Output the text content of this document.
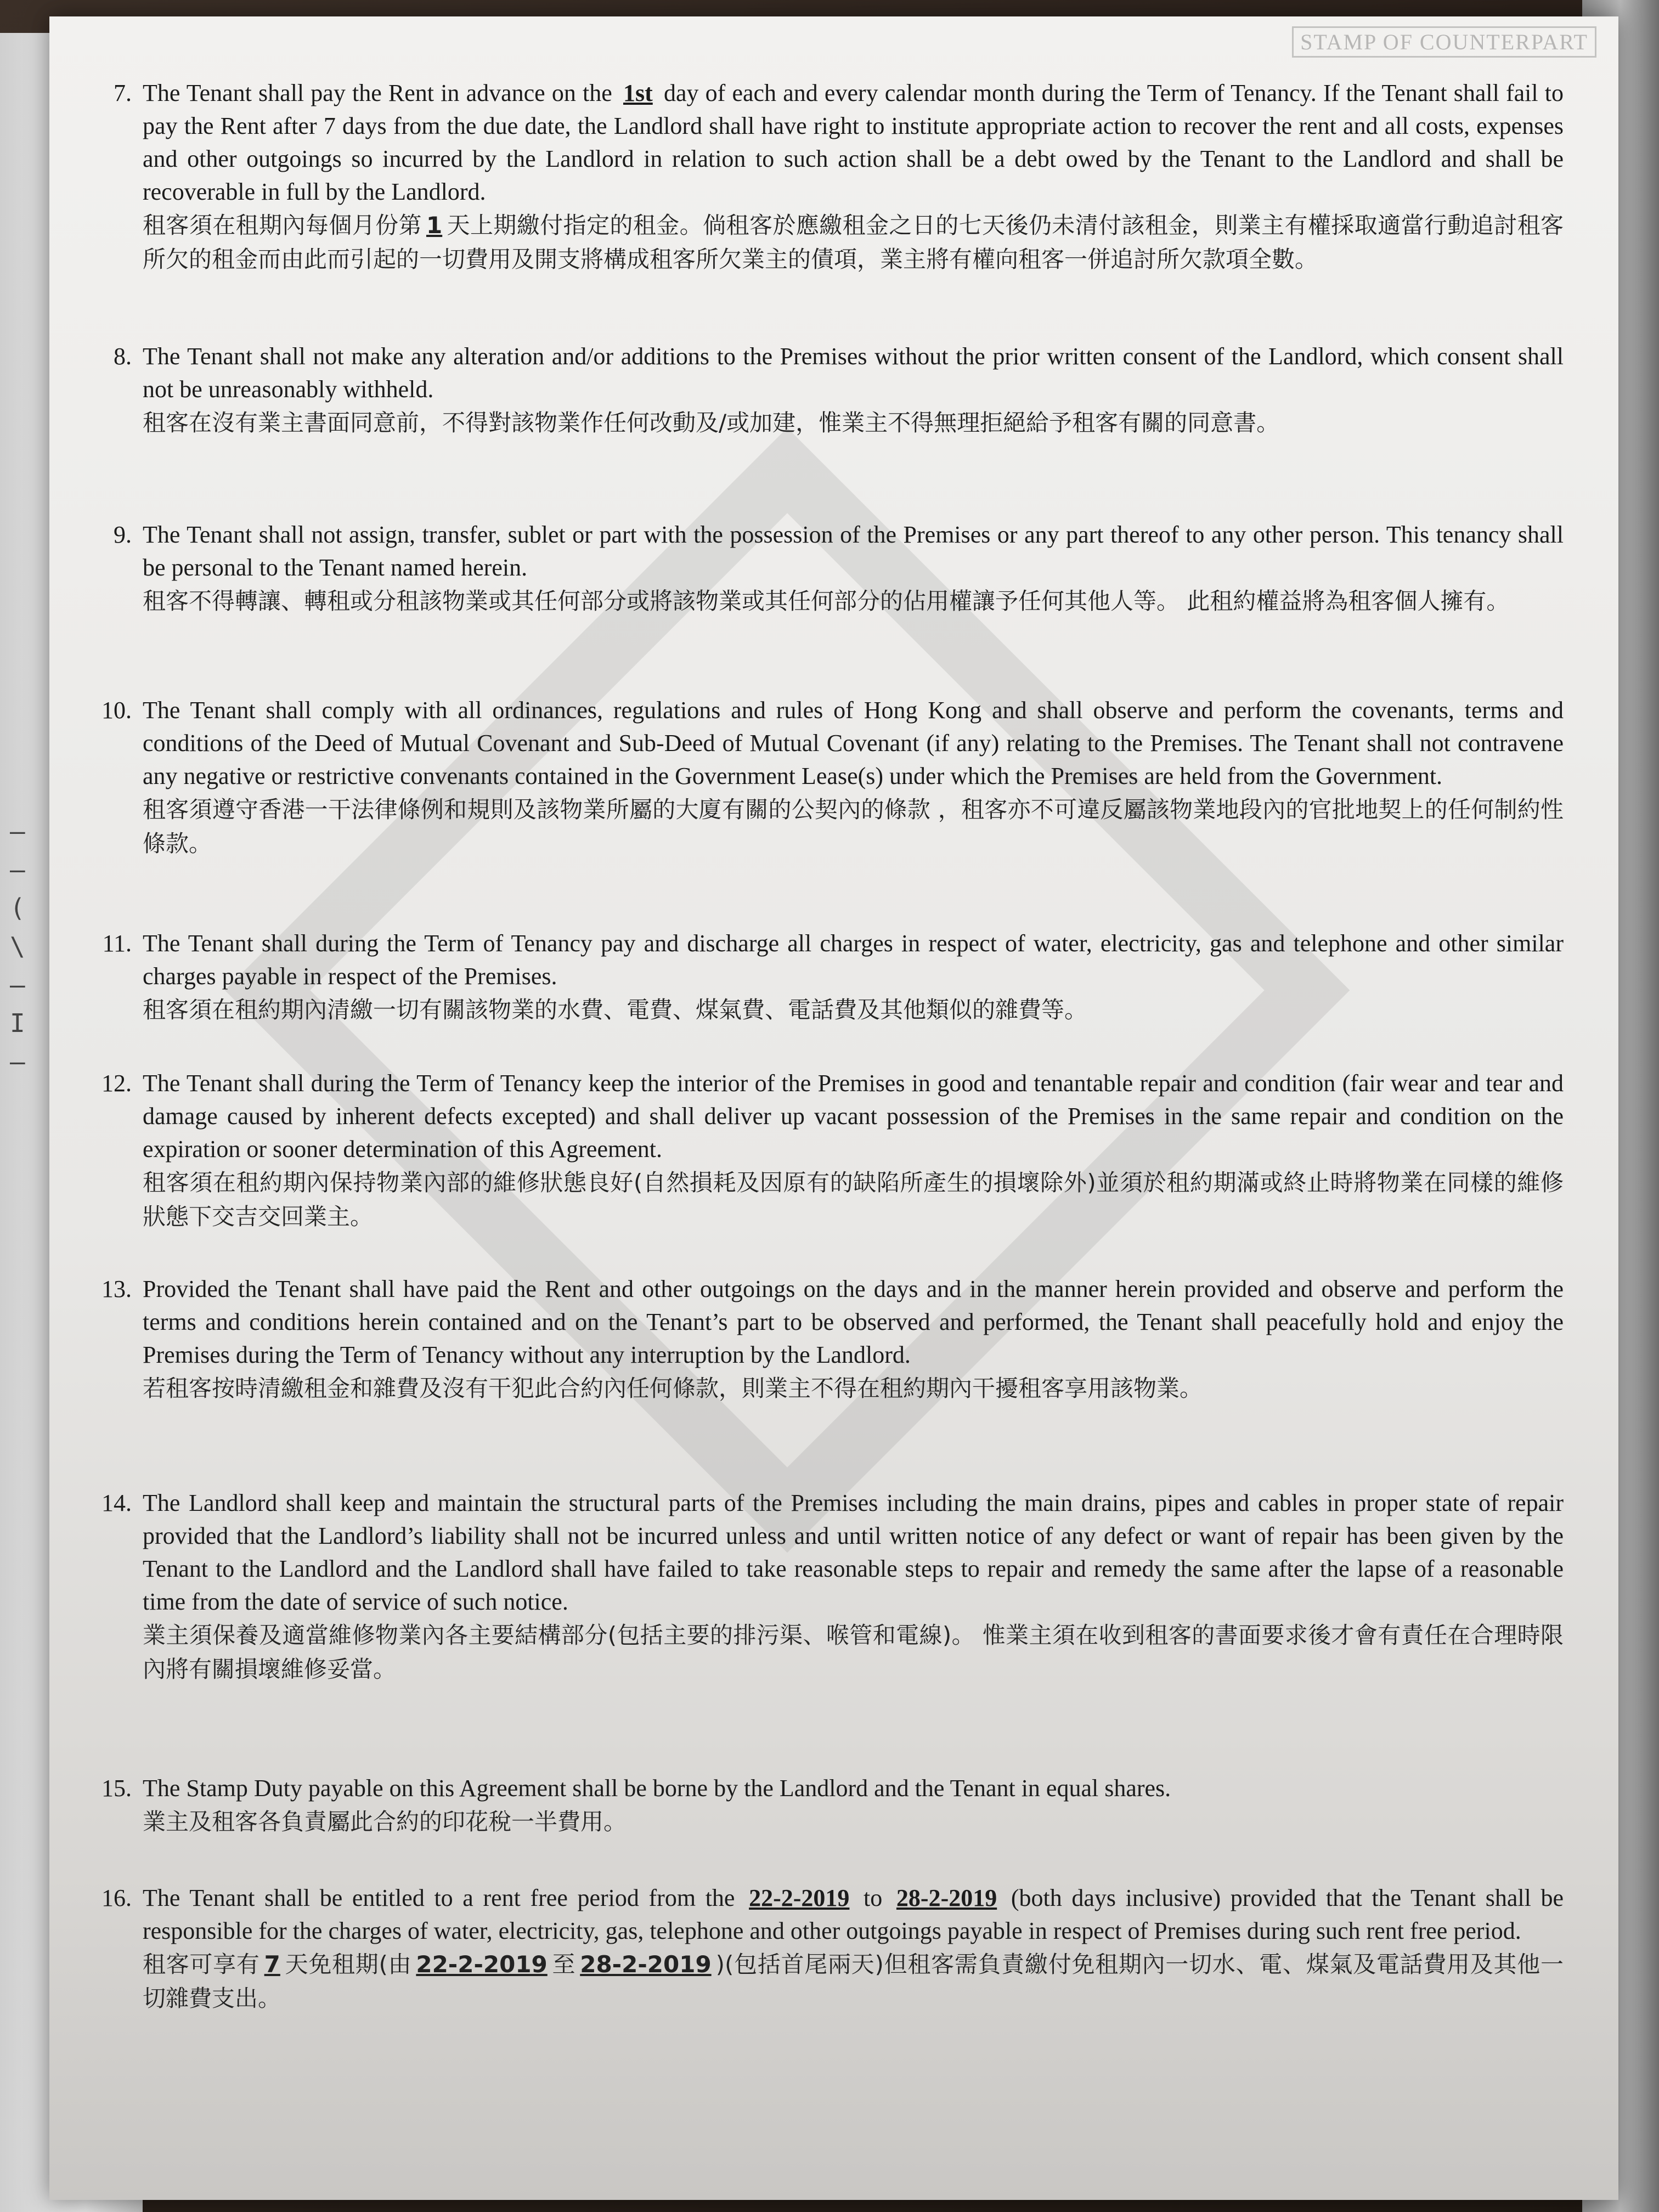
STAMP OF COUNTERPART
7. The Tenant shall pay the Rent in advance on the 1st day of each and every calendar month during the Term of Tenancy. If the Tenant shall fail to pay the Rent after 7 days from the due date, the Landlord shall have right to institute appropriate action to recover the rent and all costs, expenses and other outgoings so incurred by the Landlord in relation to such action shall be a debt owed by the Tenant to the Landlord and shall be recoverable in full by the Landlord.

租客須在租期內每個月份第 1 天上期繳付指定的租金。倘租客於應繳租金之日的七天後仍未清付該租金，則業主有權採取適當行動追討租客所欠的租金而由此而引起的一切費用及開支將構成租客所欠業主的債項，業主將有權向租客一併追討所欠款項全數。

8. The Tenant shall not make any alteration and/or additions to the Premises without the prior written consent of the Landlord, which consent shall not be unreasonably withheld.

租客在沒有業主書面同意前，不得對該物業作任何改動及/或加建，惟業主不得無理拒絕給予租客有關的同意書。

9. The Tenant shall not assign, transfer, sublet or part with the possession of the Premises or any part thereof to any other person. This tenancy shall be personal to the Tenant named herein.

租客不得轉讓、轉租或分租該物業或其任何部分或將該物業或其任何部分的佔用權讓予任何其他人等。 此租約權益將為租客個人擁有。

10. The Tenant shall comply with all ordinances, regulations and rules of Hong Kong and shall observe and perform the covenants, terms and conditions of the Deed of Mutual Covenant and Sub-Deed of Mutual Covenant (if any) relating to the Premises. The Tenant shall not contravene any negative or restrictive convenants contained in the Government Lease(s) under which the Premises are held from the Government.

租客須遵守香港一干法律條例和規則及該物業所屬的大廈有關的公契內的條款 ，租客亦不可違反屬該物業地段內的官批地契上的任何制約性條款。

11. The Tenant shall during the Term of Tenancy pay and discharge all charges in respect of water, electricity, gas and telephone and other similar charges payable in respect of the Premises.

租客須在租約期內清繳一切有關該物業的水費、電費、煤氣費、電話費及其他類似的雜費等。

12. The Tenant shall during the Term of Tenancy keep the interior of the Premises in good and tenantable repair and condition (fair wear and tear and damage caused by inherent defects excepted) and shall deliver up vacant possession of the Premises in the same repair and condition on the expiration or sooner determination of this Agreement.

租客須在租約期內保持物業內部的維修狀態良好(自然損耗及因原有的缺陷所產生的損壞除外)並須於租約期滿或終止時將物業在同樣的維修狀態下交吉交回業主。

13. Provided the Tenant shall have paid the Rent and other outgoings on the days and in the manner herein provided and observe and perform the terms and conditions herein contained and on the Tenant’s part to be observed and performed, the Tenant shall peacefully hold and enjoy the Premises during the Term of Tenancy without any interruption by the Landlord.

若租客按時清繳租金和雜費及沒有干犯此合約內任何條款，則業主不得在租約期內干擾租客享用該物業。

14. The Landlord shall keep and maintain the structural parts of the Premises including the main drains, pipes and cables in proper state of repair provided that the Landlord’s liability shall not be incurred unless and until written notice of any defect or want of repair has been given by the Tenant to the Landlord and the Landlord shall have failed to take reasonable steps to repair and remedy the same after the lapse of a reasonable time from the date of service of such notice.

業主須保養及適當維修物業內各主要結構部分(包括主要的排污渠、喉管和電線)。 惟業主須在收到租客的書面要求後才會有責任在合理時限內將有關損壞維修妥當。

15. The Stamp Duty payable on this Agreement shall be borne by the Landlord and the Tenant in equal shares.

業主及租客各負責屬此合約的印花稅一半費用。

16. The Tenant shall be entitled to a rent free period from the 22-2-2019 to 28-2-2019 (both days inclusive) provided that the Tenant shall be responsible for the charges of water, electricity, gas, telephone and other outgoings payable in respect of Premises during such rent free period.

租客可享有 7 天免租期(由 22-2-2019 至 28-2-2019 )(包括首尾兩天)但租客需負責繳付免租期內一切水、電、煤氣及電話費用及其他一切雜費支出。

—
—
(
\
—
I
—
